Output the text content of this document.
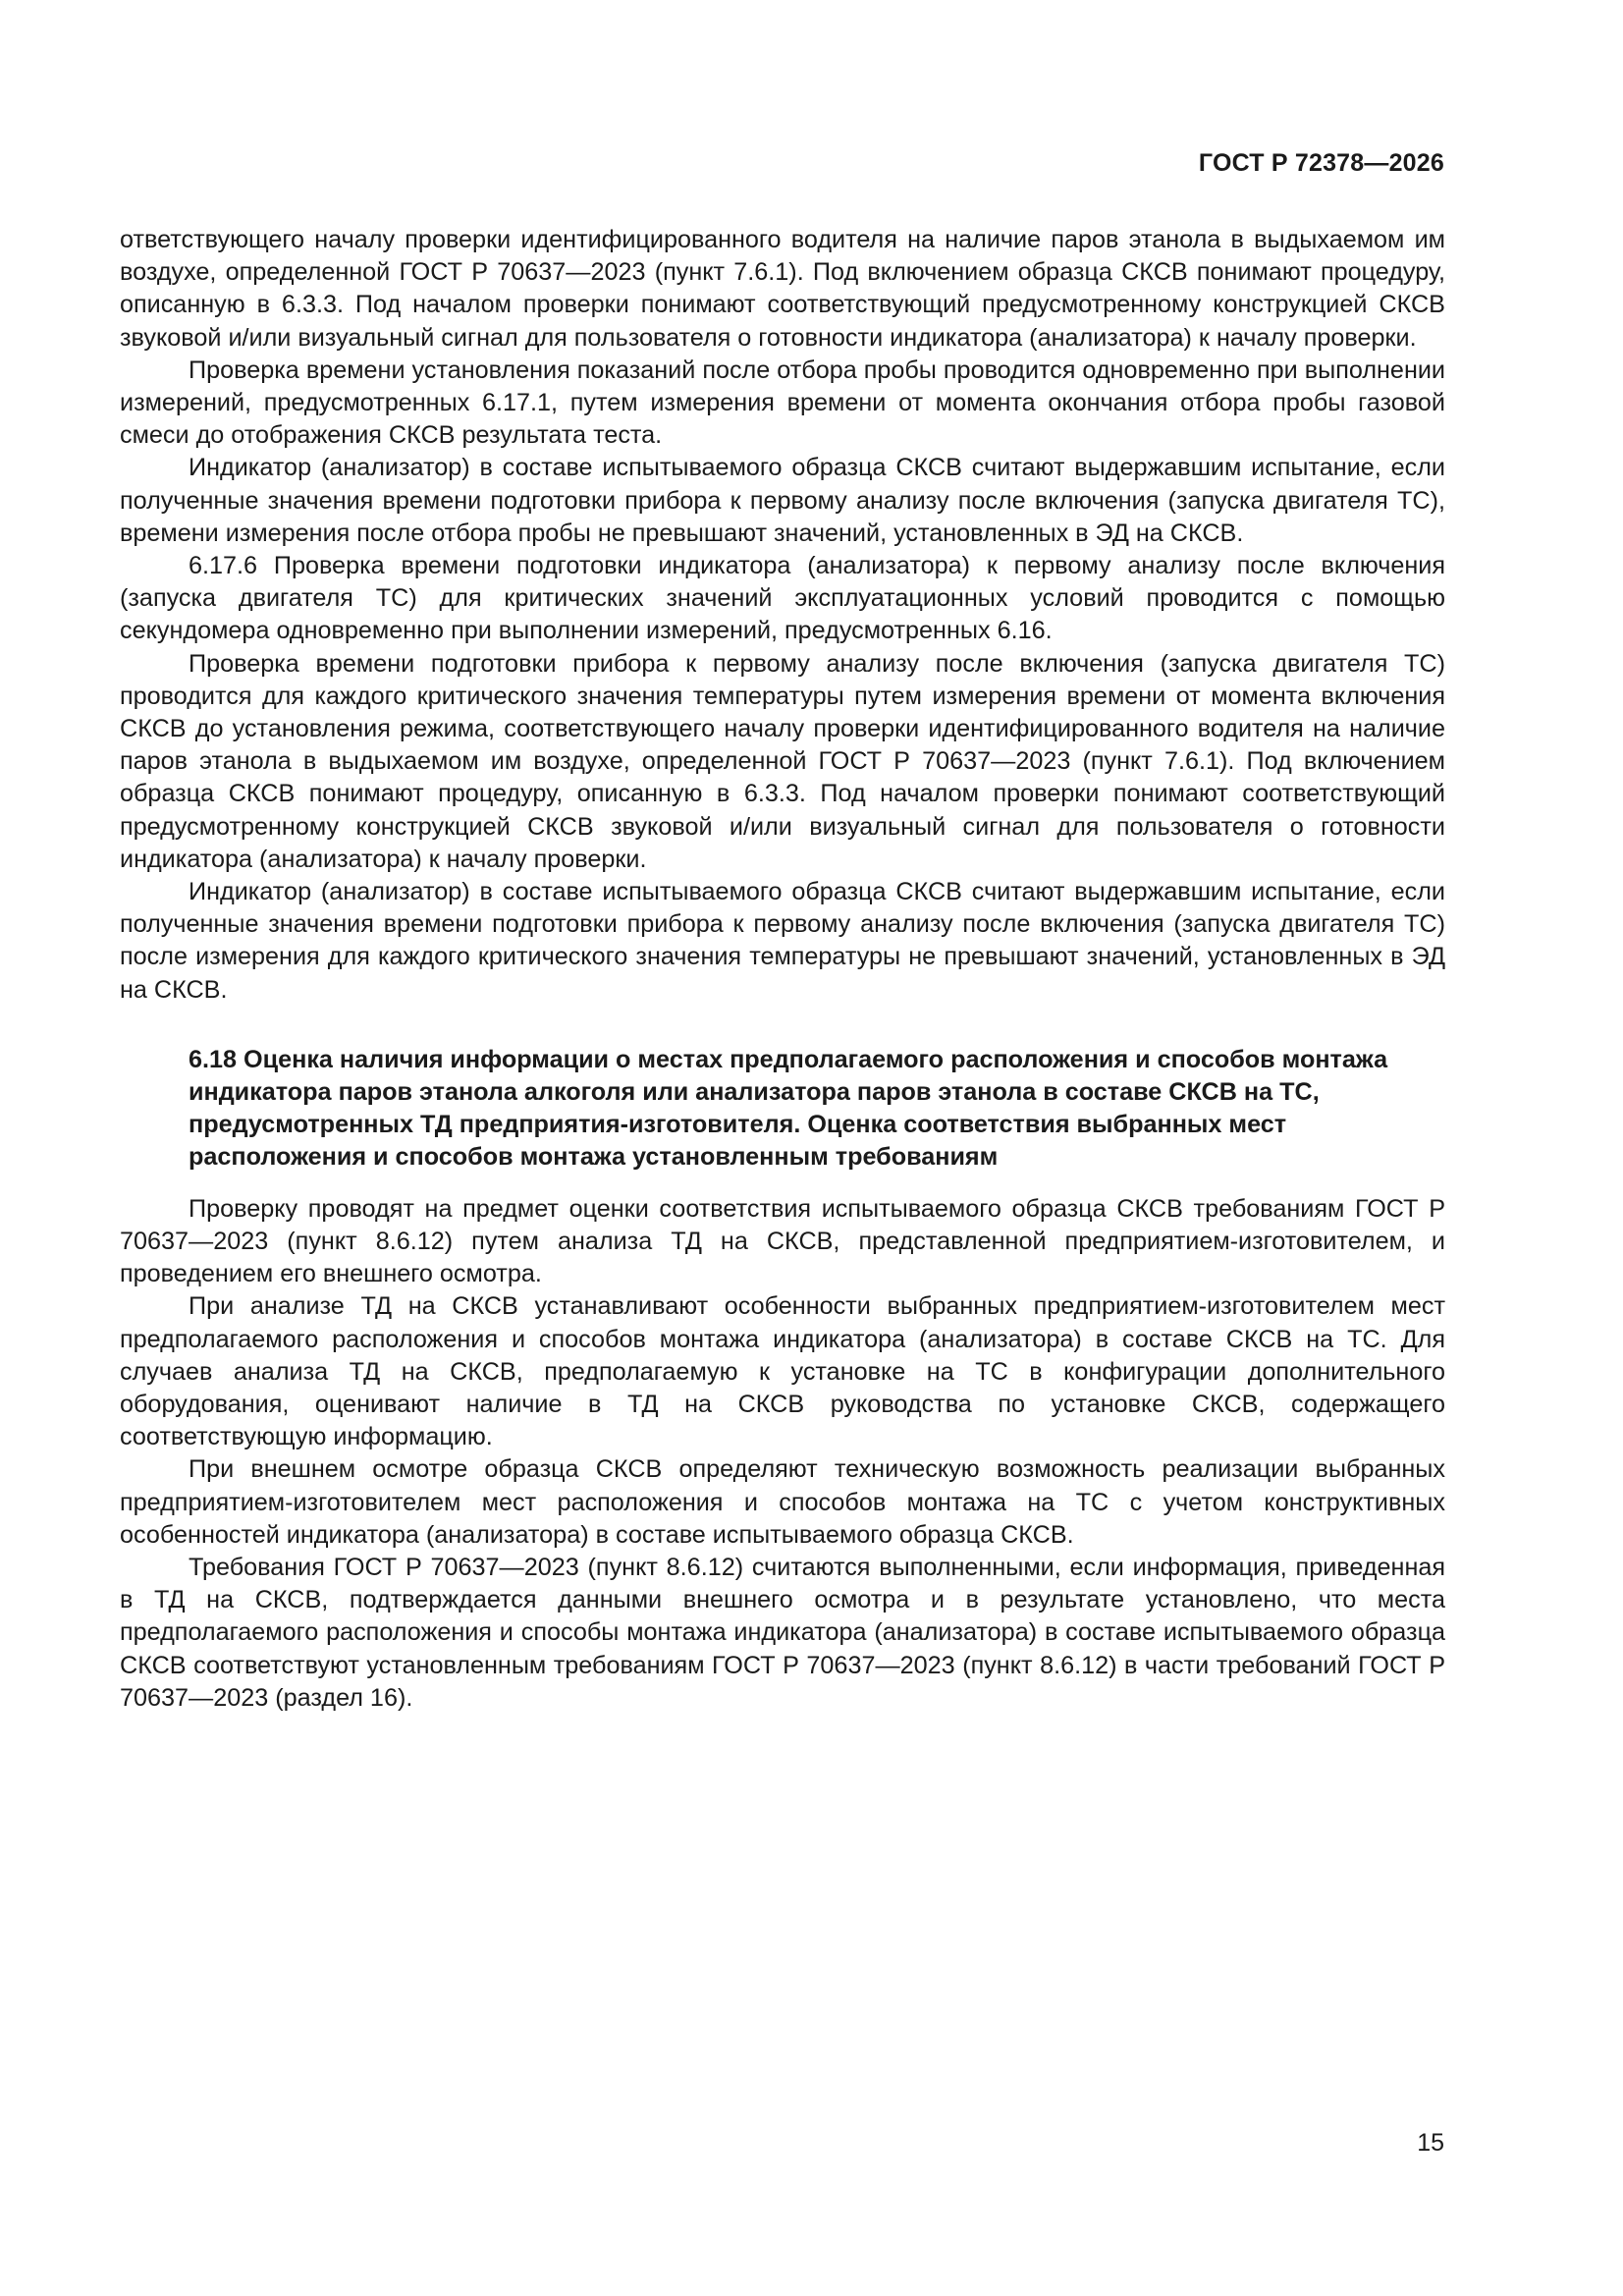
ГОСТ Р 72378—2026

ответствующего началу проверки идентифицированного водителя на наличие паров этанола в выдыхаемом им воздухе, определенной ГОСТ Р 70637—2023 (пункт 7.6.1). Под включением образца СКСВ понимают процедуру, описанную в 6.3.3. Под началом проверки понимают соответствующий предусмотренному конструкцией СКСВ звуковой и/или визуальный сигнал для пользователя о готовности индикатора (анализатора) к началу проверки.

Проверка времени установления показаний после отбора пробы проводится одновременно при выполнении измерений, предусмотренных 6.17.1, путем измерения времени от момента окончания отбора пробы газовой смеси до отображения СКСВ результата теста.

Индикатор (анализатор) в составе испытываемого образца СКСВ считают выдержавшим испытание, если полученные значения времени подготовки прибора к первому анализу после включения (запуска двигателя ТС), времени измерения после отбора пробы не превышают значений, установленных в ЭД на СКСВ.

6.17.6 Проверка времени подготовки индикатора (анализатора) к первому анализу после включения (запуска двигателя ТС) для критических значений эксплуатационных условий проводится с помощью секундомера одновременно при выполнении измерений, предусмотренных 6.16.

Проверка времени подготовки прибора к первому анализу после включения (запуска двигателя ТС) проводится для каждого критического значения температуры путем измерения времени от момента включения СКСВ до установления режима, соответствующего началу проверки идентифицированного водителя на наличие паров этанола в выдыхаемом им воздухе, определенной ГОСТ Р 70637—2023 (пункт 7.6.1). Под включением образца СКСВ понимают процедуру, описанную в 6.3.3. Под началом проверки понимают соответствующий предусмотренному конструкцией СКСВ звуковой и/или визуальный сигнал для пользователя о готовности индикатора (анализатора) к началу проверки.

Индикатор (анализатор) в составе испытываемого образца СКСВ считают выдержавшим испытание, если полученные значения времени подготовки прибора к первому анализу после включения (запуска двигателя ТС) после измерения для каждого критического значения температуры не превышают значений, установленных в ЭД на СКСВ.

6.18 Оценка наличия информации о местах предполагаемого расположения и способов монтажа индикатора паров этанола алкоголя или анализатора паров этанола в составе СКСВ на ТС, предусмотренных ТД предприятия-изготовителя. Оценка соответствия выбранных мест расположения и способов монтажа установленным требованиям

Проверку проводят на предмет оценки соответствия испытываемого образца СКСВ требованиям ГОСТ Р 70637—2023 (пункт 8.6.12) путем анализа ТД на СКСВ, представленной предприятием-изготовителем, и проведением его внешнего осмотра.

При анализе ТД на СКСВ устанавливают особенности выбранных предприятием-изготовителем мест предполагаемого расположения и способов монтажа индикатора (анализатора) в составе СКСВ на ТС. Для случаев анализа ТД на СКСВ, предполагаемую к установке на ТС в конфигурации дополнительного оборудования, оценивают наличие в ТД на СКСВ руководства по установке СКСВ, содержащего соответствующую информацию.

При внешнем осмотре образца СКСВ определяют техническую возможность реализации выбранных предприятием-изготовителем мест расположения и способов монтажа на ТС с учетом конструктивных особенностей индикатора (анализатора) в составе испытываемого образца СКСВ.

Требования ГОСТ Р 70637—2023 (пункт 8.6.12) считаются выполненными, если информация, приведенная в ТД на СКСВ, подтверждается данными внешнего осмотра и в результате установлено, что места предполагаемого расположения и способы монтажа индикатора (анализатора) в составе испытываемого образца СКСВ соответствуют установленным требованиям ГОСТ Р 70637—2023 (пункт 8.6.12) в части требований ГОСТ Р 70637—2023 (раздел 16).

15
